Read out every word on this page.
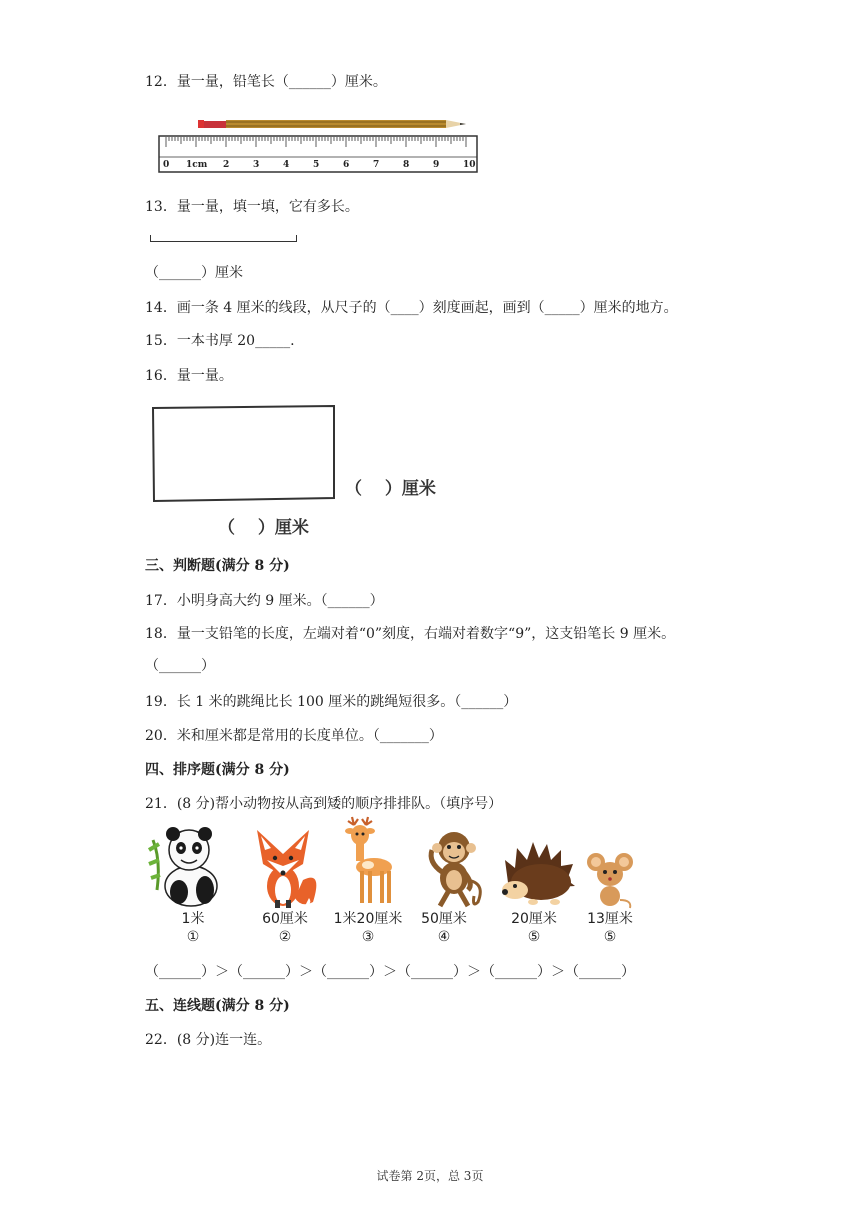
12．量一量，铅笔长（______）厘米。
0	2	3	4	5	6	7	8	9	10
1cm
13．量一量，填一填，它有多长。
（______）厘米
14．画一条 4 厘米的线段，从尺子的（____）刻度画起，画到（_____）厘米的地方。
15．一本书厚 20_____.
16．量一量。
（　 ）厘米
（　 ）厘米
三、判断题(满分 8 分)
17．小明身高大约 9 厘米。（______）
18．量一支铅笔的长度，左端对着“0”刻度，右端对着数字“9”，这支铅笔长 9 厘米。
（______）
19．长 1 米的跳绳比长 100 厘米的跳绳短很多。（______）
20．米和厘米都是常用的长度单位。（_______）
四、排序题(满分 8 分)
21．(8 分)帮小动物按从高到矮的顺序排排队。（填序号）
1米
①
60厘米
②
1米20厘米
③
50厘米
④
20厘米
⑤
13厘米
⑤
（______）＞（______）＞（______）＞（______）＞（______）＞（______）
五、连线题(满分 8 分)
22．(8 分)连一连。
试卷第 2页，总 3页
